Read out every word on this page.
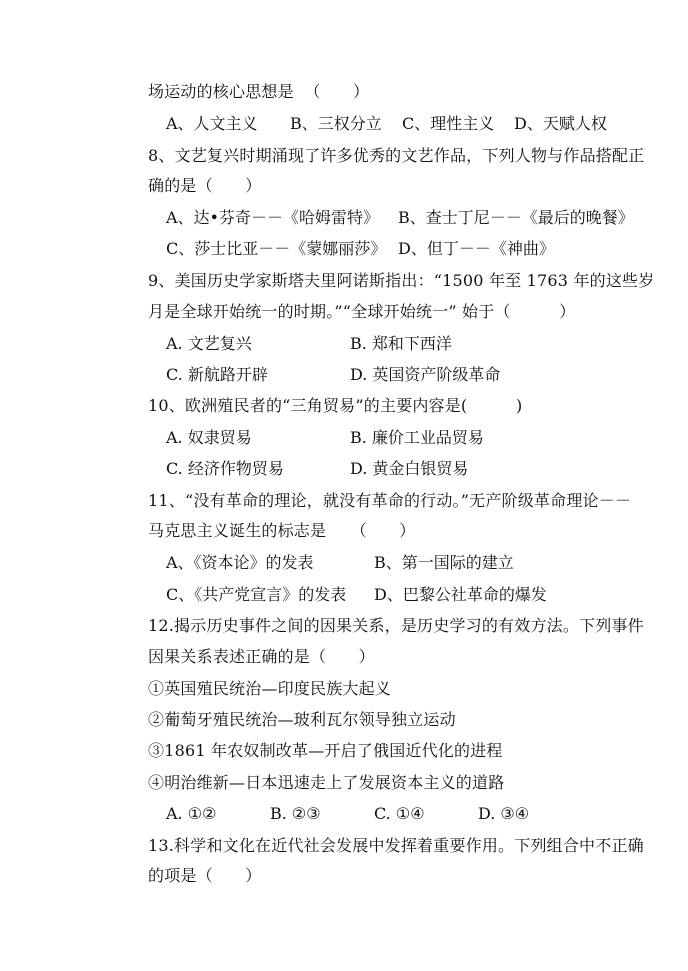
场运动的核心思想是  （　　）
A、人文主义 B、三权分立 C、理性主义 D、天赋人权
8、文艺复兴时期涌现了许多优秀的文艺作品，下列人物与作品搭配正
确的是（　　）
A、达•芬奇－－《哈姆雷特》 B、查士丁尼－－《最后的晚餐》
C、莎士比亚－－《蒙娜丽莎》 D、但丁－－《神曲》
9、美国历史学家斯塔夫里阿诺斯指出：“1500 年至 1763 年的这些岁
月是全球开始统一的时期。”“全球开始统一” 始于（　　　）
A. 文艺复兴	B. 郑和下西洋
C. 新航路开辟	D. 英国资产阶级革命
10、欧洲殖民者的“三角贸易”的主要内容是(　　　)
A. 奴隶贸易	B. 廉价工业品贸易
C. 经济作物贸易	D. 黄金白银贸易
11、“没有革命的理论，就没有革命的行动。”无产阶级革命理论－－
马克思主义诞生的标志是　　（　　）
A、《资本论》的发表	B、第一国际的建立
C、《共产党宣言》的发表 D、巴黎公社革命的爆发
12.揭示历史事件之间的因果关系，是历史学习的有效方法。下列事件
因果关系表述正确的是（　　）
①英国殖民统治—印度民族大起义
②葡萄牙殖民统治—玻利瓦尔领导独立运动
③1861 年农奴制改革—开启了俄国近代化的进程
④明治维新—日本迅速走上了发展资本主义的道路
A. ①②	B. ②③	C. ①④	D. ③④
13.科学和文化在近代社会发展中发挥着重要作用。下列组合中不正确
的项是（　　）
